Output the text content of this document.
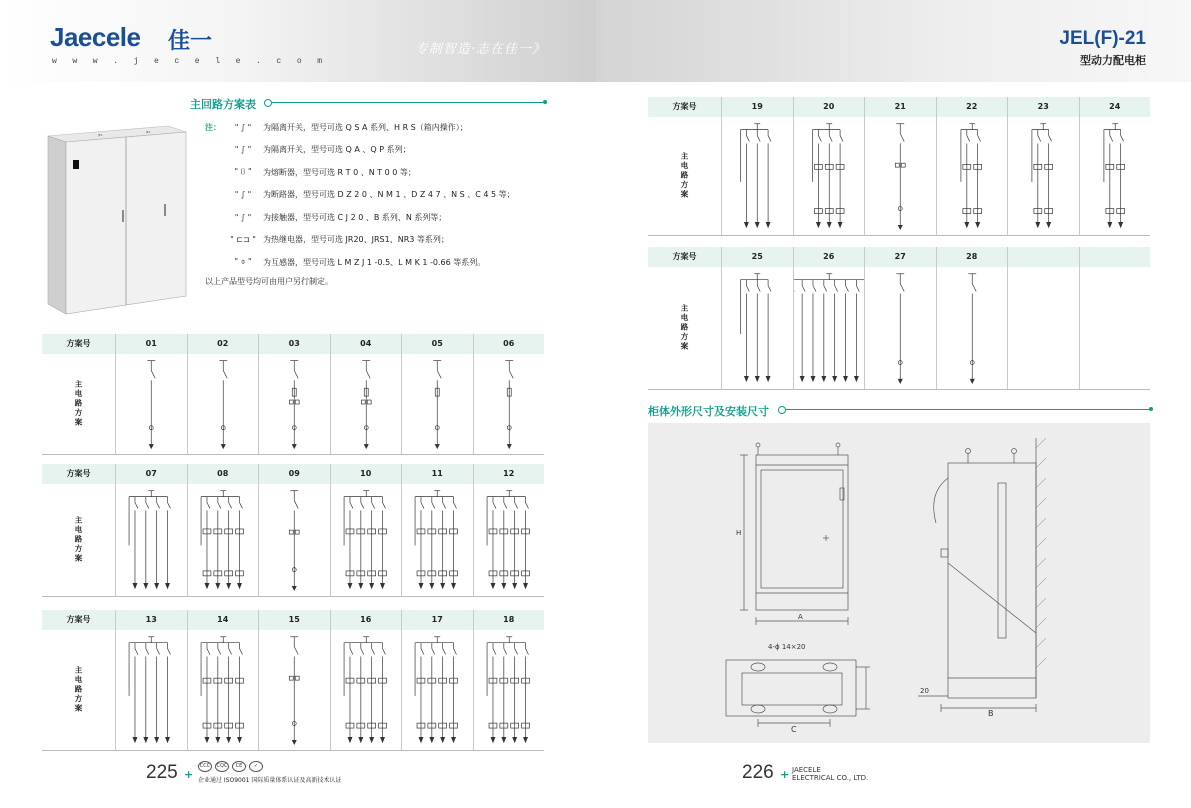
Jaecele 佳一
w w w . j e c e l e . c o m
专制智造·志在佳一》
主回路方案表
JEL
JEL
注：	" ∫ "	为隔离开关，型号可选 Q S A 系列、H R S（箱内操作）；
" ∫ "	为隔离开关，型号可选 Q A 、Q P 系列；
" ⌷ "	为熔断器，型号可选 R T 0 、N T 0 0 等；
" ∫ "	为断路器，型号可选 D Z 2 0 、N M 1 、D Z 4 7 、N S 、C 4 5 等；
" ∫ "	为接触器，型号可选 C J 2 0 、B 系列、N 系列等；
" ⊏⊐ " 为热继电器，型号可选 JR20、JRS1、NR3 等系列；
" ⌽ "	为互感器，型号可选 L M Z J 1 -0.5、L M K 1 -0.66 等系列。
以上产品型号均可由用户另行制定。
方案号	01	02	03	04	05	06
主电路方案
方案号	07	08	09	10	11	12
主电路方案
方案号	13	14	15	16	17	18
主电路方案
225 +
CCC	CQC	CE	✓
企业通过 ISO9001 国际质量体系认证及高新技术认证
JEL(F)-21
型动力配电柜
方案号	19	20	21	22	23	24
主电路方案
方案号	25	26	27	28
主电路方案
柜体外形尺寸及安装尺寸
H
A
B
C
20
4-ϕ 14×20
226 + JAECELE
ELECTRICAL CO., LTD.
